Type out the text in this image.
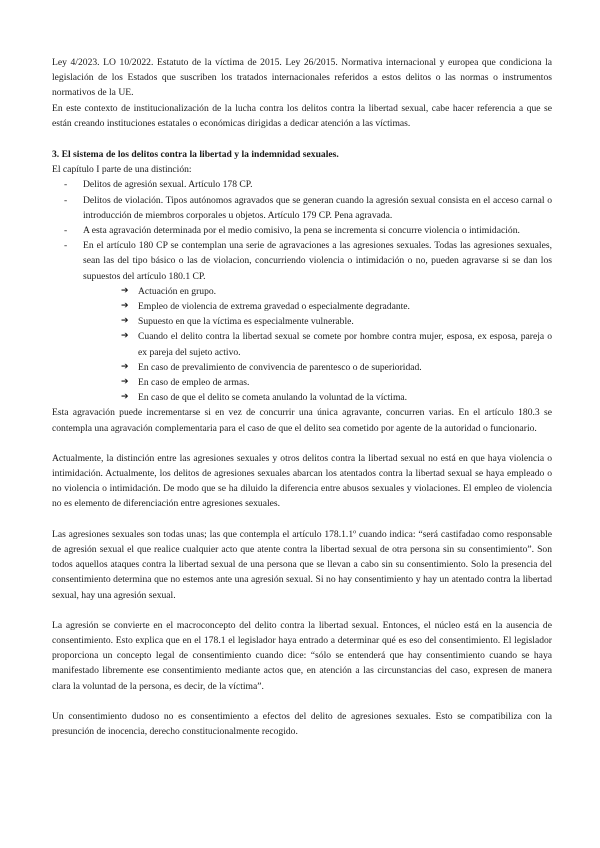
Ley 4/2023. LO 10/2022. Estatuto de la víctima de 2015. Ley 26/2015. Normativa internacional y europea que condiciona la legislación de los Estados que suscriben los tratados internacionales referidos a estos delitos o las normas o instrumentos normativos de la UE.

En este contexto de institucionalización de la lucha contra los delitos contra la libertad sexual, cabe hacer referencia a que se están creando instituciones estatales o económicas dirigidas a dedicar atención a las víctimas.

3. El sistema de los delitos contra la libertad y la indemnidad sexuales.

El capítulo I parte de una distinción:

- Delitos de agresión sexual. Artículo 178 CP.
- Delitos de violación. Tipos autónomos agravados que se generan cuando la agresión sexual consista en el acceso carnal o introducción de miembros corporales u objetos. Artículo 179 CP. Pena agravada.
- A esta agravación determinada por el medio comisivo, la pena se incrementa si concurre violencia o intimidación.
- En el artículo 180 CP se contemplan una serie de agravaciones a las agresiones sexuales. Todas las agresiones sexuales, sean las del tipo básico o las de violacion, concurriendo violencia o intimidación o no, pueden agravarse si se dan los supuestos del artículo 180.1 CP.
➔ Actuación en grupo.
➔ Empleo de violencia de extrema gravedad o especialmente degradante.
➔ Supuesto en que la víctima es especialmente vulnerable.
➔ Cuando el delito contra la libertad sexual se comete por hombre contra mujer, esposa, ex esposa, pareja o ex pareja del sujeto activo.
➔ En caso de prevalimiento de convivencia de parentesco o de superioridad.
➔ En caso de empleo de armas.
➔ En caso de que el delito se cometa anulando la voluntad de la víctima.

Esta agravación puede incrementarse si en vez de concurrir una única agravante, concurren varias. En el artículo 180.3 se contempla una agravación complementaria para el caso de que el delito sea cometido por agente de la autoridad o funcionario.

Actualmente, la distinción entre las agresiones sexuales y otros delitos contra la libertad sexual no está en que haya violencia o intimidación. Actualmente, los delitos de agresiones sexuales abarcan los atentados contra la libertad sexual se haya empleado o no violencia o intimidación. De modo que se ha diluido la diferencia entre abusos sexuales y violaciones. El empleo de violencia no es elemento de diferenciación entre agresiones sexuales.

Las agresiones sexuales son todas unas; las que contempla el artículo 178.1.1º cuando indica: “será castifadao como responsable de agresión sexual el que realice cualquier acto que atente contra la libertad sexual de otra persona sin su consentimiento”. Son todos aquellos ataques contra la libertad sexual de una persona que se llevan a cabo sin su consentimiento. Solo la presencia del consentimiento determina que no estemos ante una agresión sexual. Si no hay consentimiento y hay un atentado contra la libertad sexual, hay una agresión sexual.

La agresión se convierte en el macroconcepto del delito contra la libertad sexual. Entonces, el núcleo está en la ausencia de consentimiento. Esto explica que en el 178.1 el legislador haya entrado a determinar qué es eso del consentimiento. El legislador proporciona un concepto legal de consentimiento cuando dice: “sólo se entenderá que hay consentimiento cuando se haya manifestado libremente ese consentimiento mediante actos que, en atención a las circunstancias del caso, expresen de manera clara la voluntad de la persona, es decir, de la víctima”.

Un consentimiento dudoso no es consentimiento a efectos del delito de agresiones sexuales. Esto se compatibiliza con la presunción de inocencia, derecho constitucionalmente recogido.
